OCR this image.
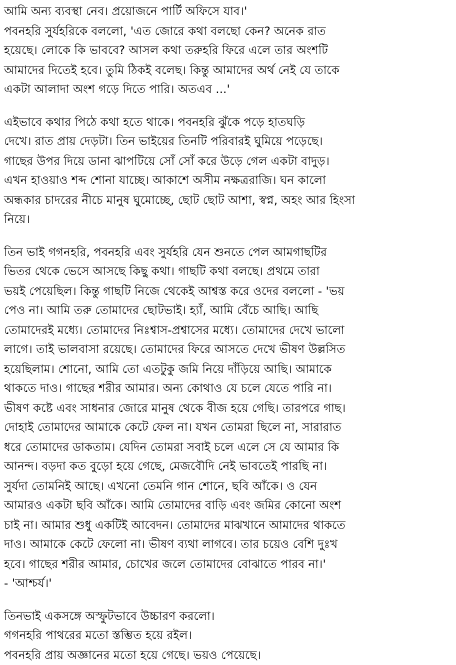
আমি অন্য ব্যবস্থা নেব। প্রয়োজনে পার্টি অফিসে যাব।'
পবনহরি সুর্যহরিকে বললো, 'এত জোরে কথা বলছো কেন? অনেক রাত
হয়েছে। লোকে কি ভাববে? আসল কথা তরুহরি ফিরে এলে তার অংশটি
আমাদের দিতেই হবে। তুমি ঠিকই বলেছ। কিন্তু আমাদের অর্থ নেই যে তাকে
একটা আলাদা অংশ গড়ে দিতে পারি। অতএব ...'
এইভাবে কথার পিঠে কথা হতে থাকে। পবনহরি ঝুঁকে পড়ে হাতঘড়ি
দেখে। রাত প্রায় দেড়টা। তিন ভাইয়ের তিনটি পরিবারই ঘুমিয়ে পড়েছে।
গাছের উপর দিয়ে ডানা ঝাপটিয়ে সোঁ সোঁ করে উড়ে গেল একটা বাদুড়।
এখন হাওয়াও শব্দ শোনা যাচ্ছে। আকাশে অসীম নক্ষত্ররাজি। ঘন কালো
অন্ধকার চাদরের নীচে মানুষ ঘুমোচ্ছে, ছোট ছোট আশা, স্বপ্ন, অহং আর হিংসা
নিয়ে।
তিন ভাই গগনহরি, পবনহরি এবং সুর্যহরি যেন শুনতে পেল আমগাছটির
ভিতর থেকে ভেসে আসছে কিছু কথা। গাছটি কথা বলছে। প্রথমে তারা
ভয়ই পেয়েছিল। কিন্তু গাছটি নিজে থেকেই আশ্বস্ত করে ওদের বললো - 'ভয়
পেও না। আমি তরু তোমাদের ছোটভাই। হ্যাঁ, আমি বেঁচে আছি। আছি
তোমাদেরই মধ্যে। তোমাদের নিঃশ্বাস-প্রশ্বাসের মধ্যে। তোমাদের দেখে ভালো
লাগে। তাই ভালবাসা রয়েছে। তোমাদের ফিরে আসতে দেখে ভীষণ উল্লসিত
হয়েছিলাম। শোনো, আমি তো এতটুকু জমি নিয়ে দাঁড়িয়ে আছি। আমাকে
থাকতে দাও। গাছের শরীর আমার। অন্য কোথাও যে চলে যেতে পারি না।
ভীষণ কষ্টে এবং সাধনার জোরে মানুষ থেকে বীজ হয়ে গেছি। তারপরে গাছ।
দোহাই তোমাদের আমাকে কেটে ফেল না। যখন তোমরা ছিলে না, সারারাত
ধরে তোমাদের ডাকতাম। যেদিন তোমরা সবাই চলে এলে সে যে আমার কি
আনন্দ। বড়দা কত বুড়ো হয়ে গেছে, মেজবৌদি নেই ভাবতেই পারছি না।
সুর্যদা তোমনিই আছে। এখনো তেমনি গান শোনে, ছবি আঁকে। ও যেন
আমারও একটা ছবি আঁকে। আমি তোমাদের বাড়ি এবং জমির কোনো অংশ
চাই না। আমার শুধু একটিই আবেদন। তোমাদের মাঝখানে আমাদের থাকতে
দাও। আমাকে কেটে ফেলো না। ভীষণ ব্যথা লাগবে। তার চয়েও বেশি দুঃখ
হবে। গাছের শরীর আমার, চোখের জলে তোমাদের বোঝাতে পারব না।'
- 'আশ্চর্য।'
তিনভাই একসঙ্গে অস্ফুটভাবে উচ্চারণ করলো।
গগনহরি পাথরের মতো স্তম্ভিত হয়ে রইল।
পবনহরি প্রায় অজ্ঞানের মতো হয়ে গেছে। ভয়ও পেয়েছে।
